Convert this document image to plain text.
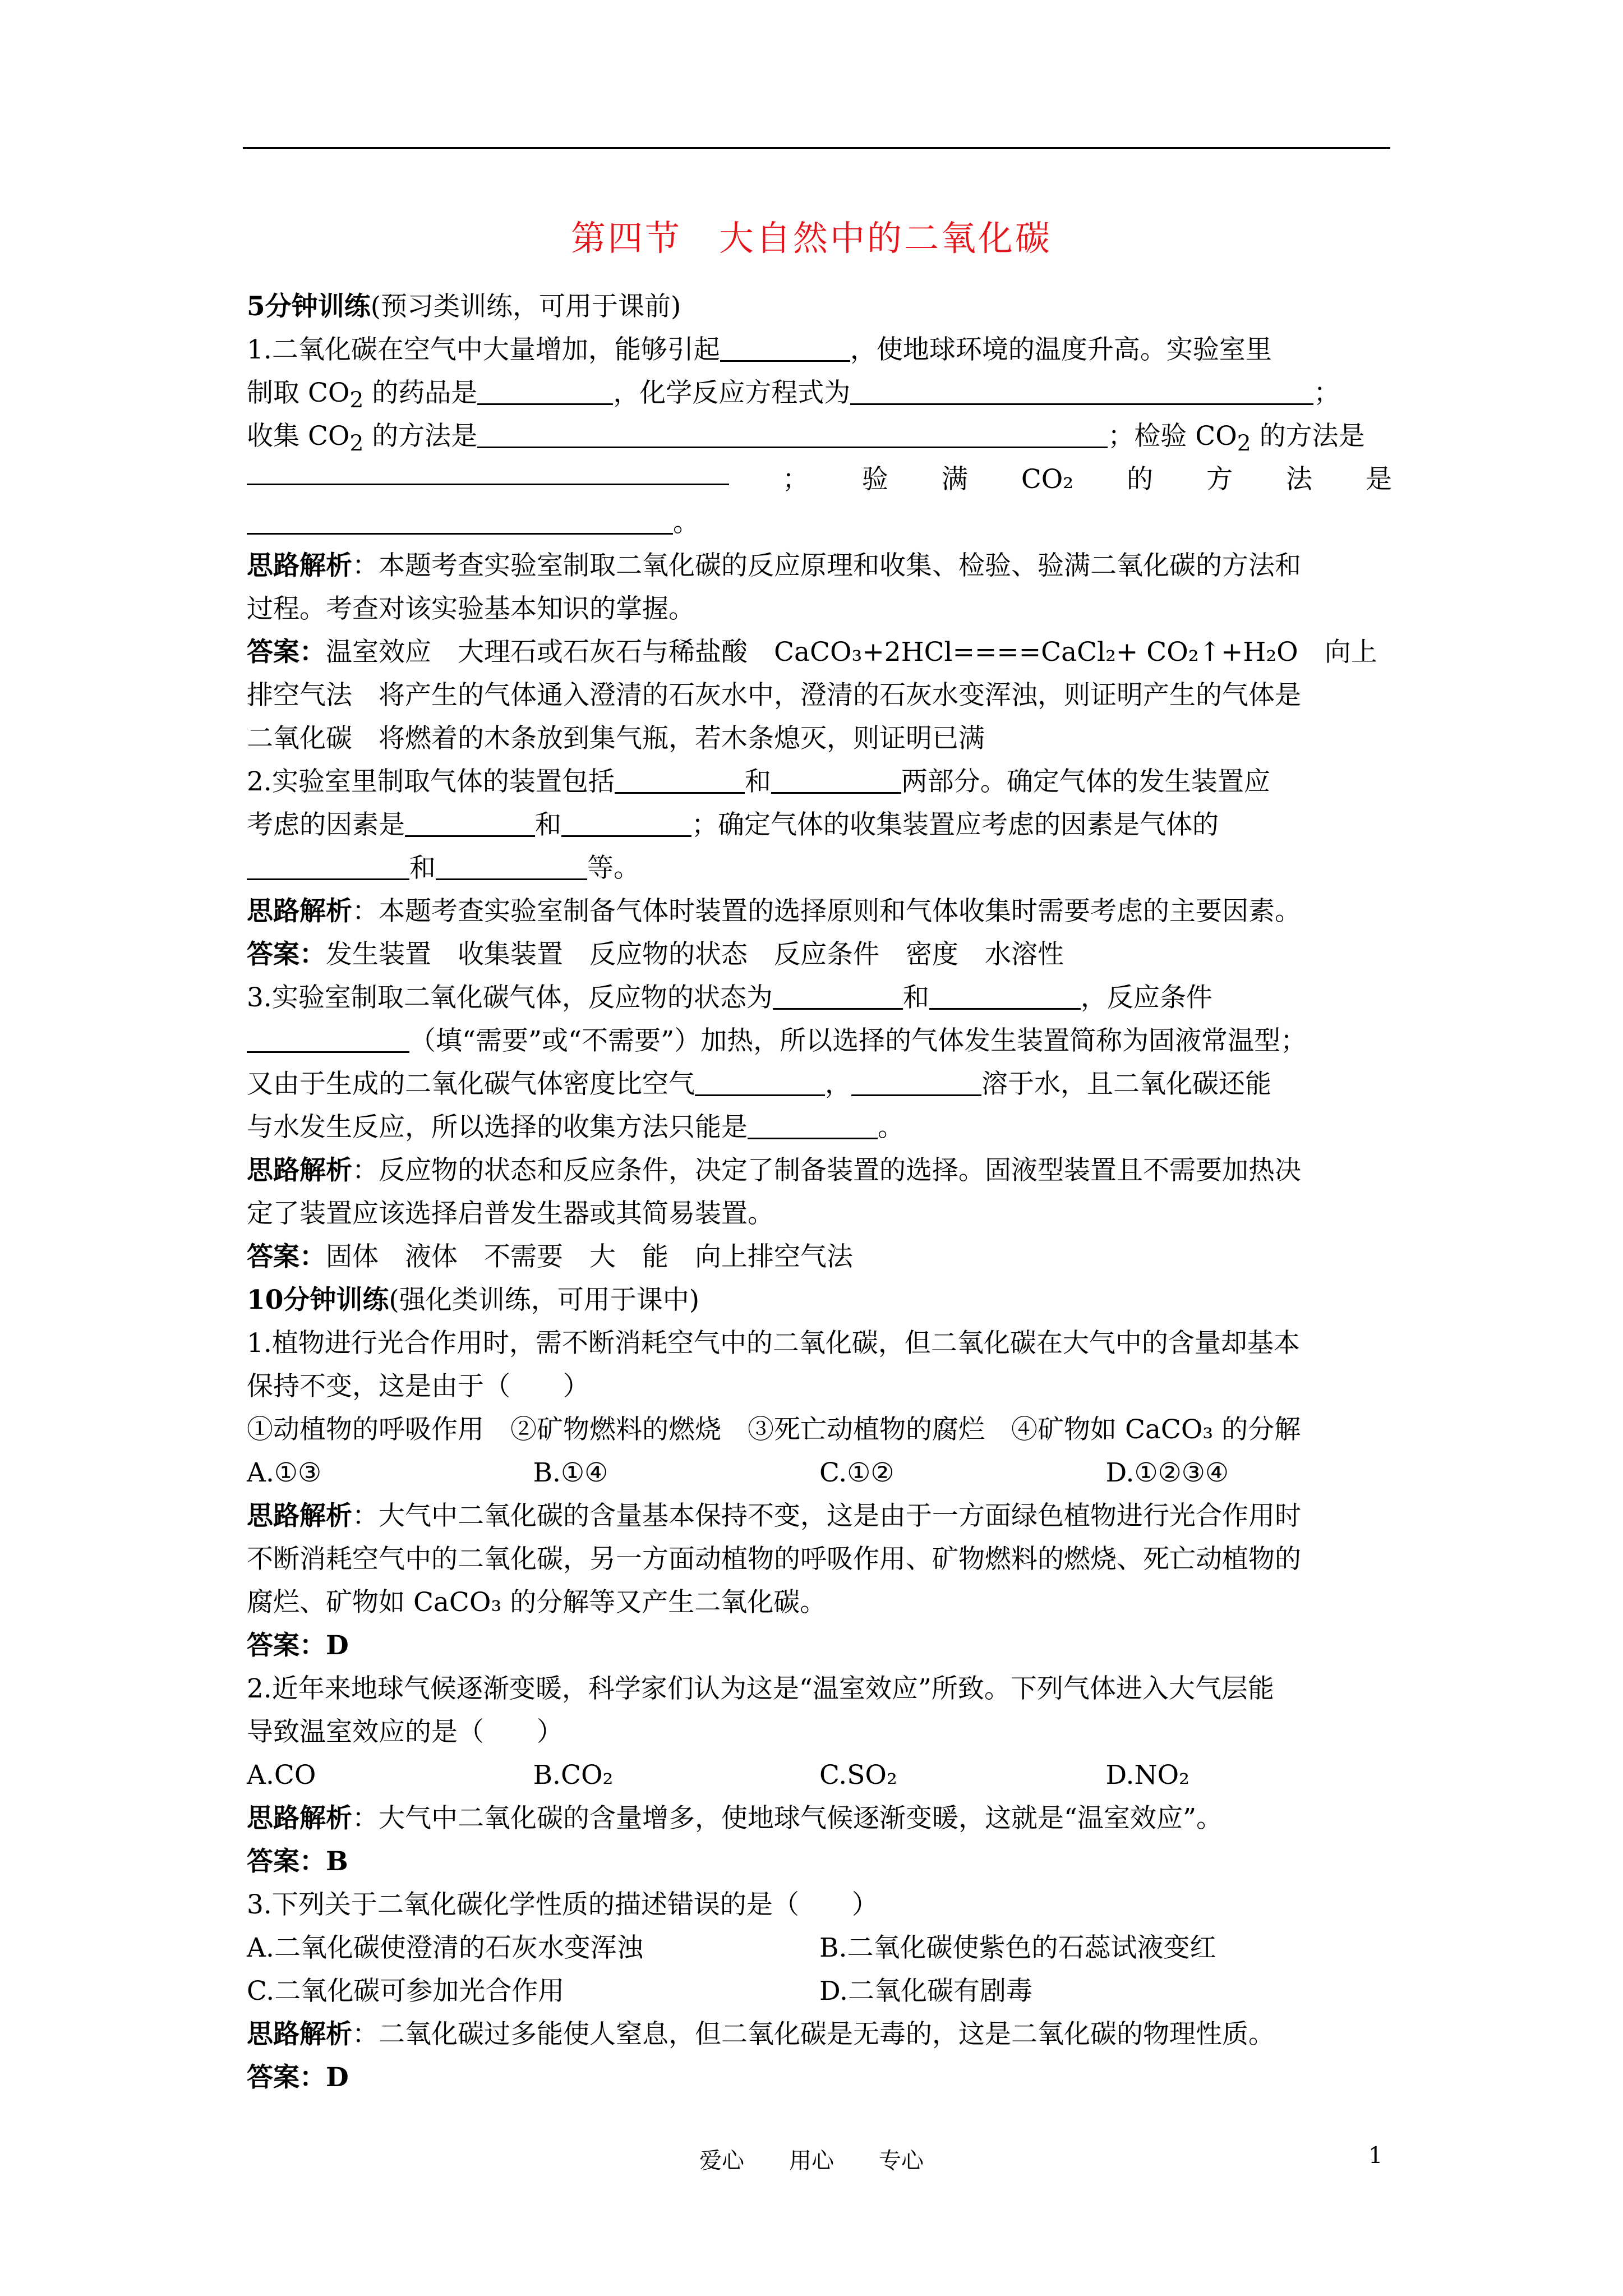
第四节　大自然中的二氧化碳
5分钟训练(预习类训练，可用于课前)
1.二氧化碳在空气中大量增加，能够引起	，使地球环境的温度升高。实验室里
制取 $CO_2$ 的药品是	，化学反应方程式为	；
收集 $CO_2$ 的方法是	；检验 $CO_2$ 的方法是
； 验 满 CO₂ 的 方 法 是
。
思路解析：本题考查实验室制取二氧化碳的反应原理和收集、检验、验满二氧化碳的方法和
过程。考查对该实验基本知识的掌握。
答案：温室效应　大理石或石灰石与稀盐酸　CaCO₃+2HCl====CaCl₂+ CO₂↑+H₂O　向上
排空气法　将产生的气体通入澄清的石灰水中，澄清的石灰水变浑浊，则证明产生的气体是
二氧化碳　将燃着的木条放到集气瓶，若木条熄灭，则证明已满
2.实验室里制取气体的装置包括	和	两部分。确定气体的发生装置应
考虑的因素是	和	；确定气体的收集装置应考虑的因素是气体的
和	等。
思路解析：本题考查实验室制备气体时装置的选择原则和气体收集时需要考虑的主要因素。
答案：发生装置　收集装置　反应物的状态　反应条件　密度　水溶性
3.实验室制取二氧化碳气体，反应物的状态为	和	，反应条件
（填“需要”或“不需要”）加热，所以选择的气体发生装置简称为固液常温型；
又由于生成的二氧化碳气体密度比空气	，	溶于水，且二氧化碳还能
与水发生反应，所以选择的收集方法只能是	。
思路解析：反应物的状态和反应条件，决定了制备装置的选择。固液型装置且不需要加热决
定了装置应该选择启普发生器或其简易装置。
答案：固体　液体　不需要　大　能　向上排空气法
10分钟训练(强化类训练，可用于课中)
1.植物进行光合作用时，需不断消耗空气中的二氧化碳，但二氧化碳在大气中的含量却基本
保持不变，这是由于（　　）
①动植物的呼吸作用　②矿物燃料的燃烧　③死亡动植物的腐烂　④矿物如 CaCO₃ 的分解
A.①③	B.①④	C.①②	D.①②③④
思路解析：大气中二氧化碳的含量基本保持不变，这是由于一方面绿色植物进行光合作用时
不断消耗空气中的二氧化碳，另一方面动植物的呼吸作用、矿物燃料的燃烧、死亡动植物的
腐烂、矿物如 CaCO₃ 的分解等又产生二氧化碳。
答案：D
2.近年来地球气候逐渐变暖，科学家们认为这是“温室效应”所致。下列气体进入大气层能
导致温室效应的是（　　）
A.CO	B.CO₂	C.SO₂	D.NO₂
思路解析：大气中二氧化碳的含量增多，使地球气候逐渐变暖，这就是“温室效应”。
答案：B
3.下列关于二氧化碳化学性质的描述错误的是（　　）
A.二氧化碳使澄清的石灰水变浑浊	B.二氧化碳使紫色的石蕊试液变红
C.二氧化碳可参加光合作用	D.二氧化碳有剧毒
思路解析：二氧化碳过多能使人窒息，但二氧化碳是无毒的，这是二氧化碳的物理性质。
答案：D
爱心　　用心　　专心	1
